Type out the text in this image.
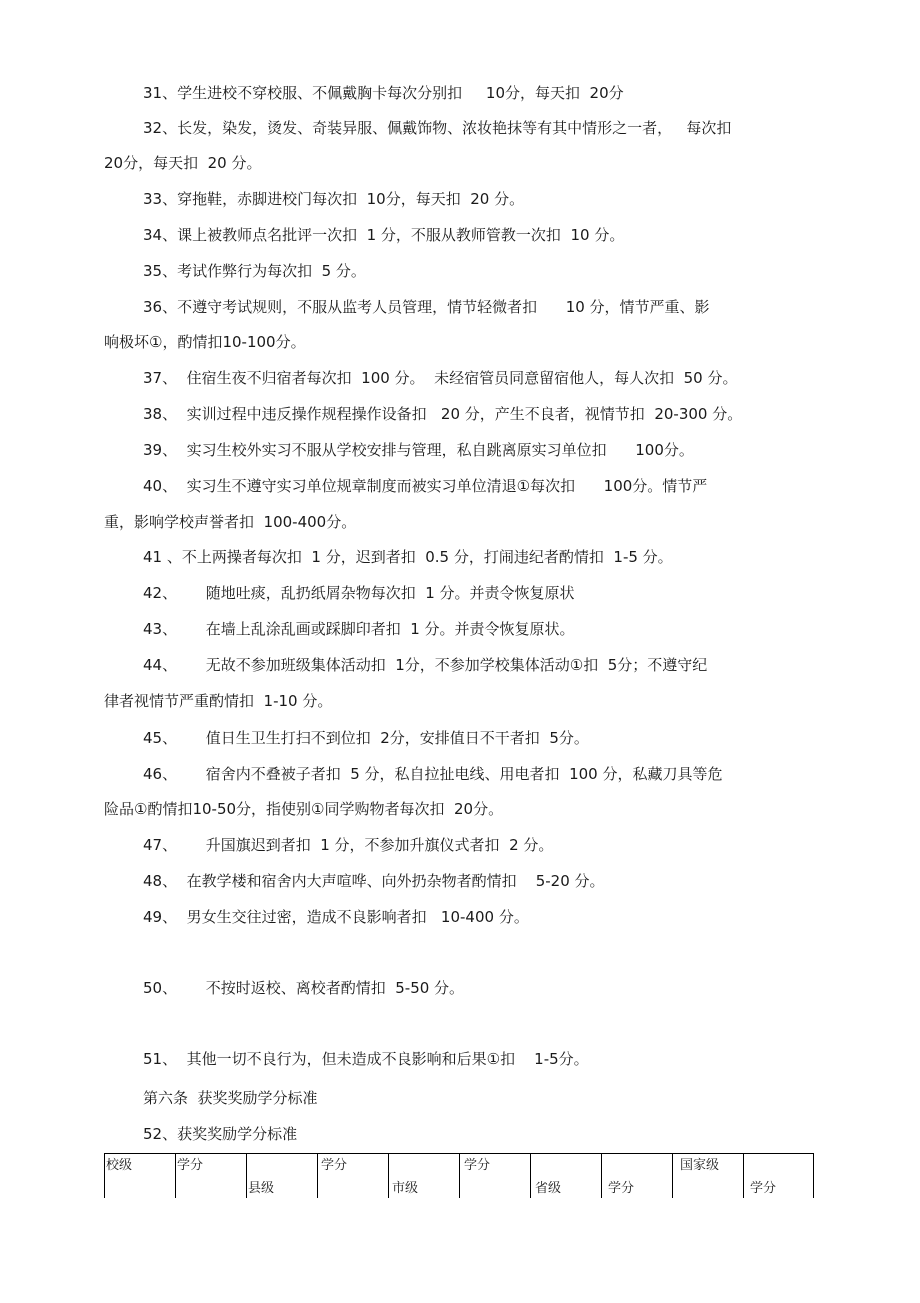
31、学生进校不穿校服、不佩戴胸卡每次分别扣     10分，每天扣  20分
32、长发，染发，烫发、奇装异服、佩戴饰物、浓妆艳抹等有其中情形之一者，   每次扣
20分，每天扣  20 分。
33、穿拖鞋，赤脚进校门每次扣  10分，每天扣  20 分。
34、课上被教师点名批评一次扣  1 分，不服从教师管教一次扣  10 分。
35、考试作弊行为每次扣  5 分。
36、不遵守考试规则，不服从监考人员管理，情节轻微者扣      10 分，情节严重、影
响极坏①，酌情扣10-100分。
37、  住宿生夜不归宿者每次扣  100 分。  未经宿管员同意留宿他人，每人次扣  50 分。
38、  实训过程中违反操作规程操作设备扣   20 分，产生不良者，视情节扣  20-300 分。
39、  实习生校外实习不服从学校安排与管理，私自跳离原实习单位扣      100分。
40、  实习生不遵守实习单位规章制度而被实习单位清退①每次扣      100分。情节严
重，影响学校声誉者扣  100-400分。
41 、不上两操者每次扣  1 分，迟到者扣  0.5 分，打闹违纪者酌情扣  1-5 分。
42、      随地吐痰，乱扔纸屑杂物每次扣  1 分。并责令恢复原状
43、      在墙上乱涂乱画或踩脚印者扣  1 分。并责令恢复原状。
44、      无故不参加班级集体活动扣  1分，不参加学校集体活动①扣  5分；不遵守纪
律者视情节严重酌情扣  1-10 分。
45、      值日生卫生打扫不到位扣  2分，安排值日不干者扣  5分。
46、      宿舍内不叠被子者扣  5 分，私自拉扯电线、用电者扣  100 分，私藏刀具等危
险品①酌情扣10-50分，指使别①同学购物者每次扣  20分。
47、      升国旗迟到者扣  1 分，不参加升旗仪式者扣  2 分。
48、  在教学楼和宿舍内大声喧哗、向外扔杂物者酌情扣    5-20 分。
49、  男女生交往过密，造成不良影响者扣   10-400 分。
50、      不按时返校、离校者酌情扣  5-50 分。
51、  其他一切不良行为，但未造成不良影响和后果①扣    1-5分。
第六条  获奖奖励学分标准
52、获奖奖励学分标准
校级	学分
县级
学分
市级
学分
省级	学分
国家级
学分
